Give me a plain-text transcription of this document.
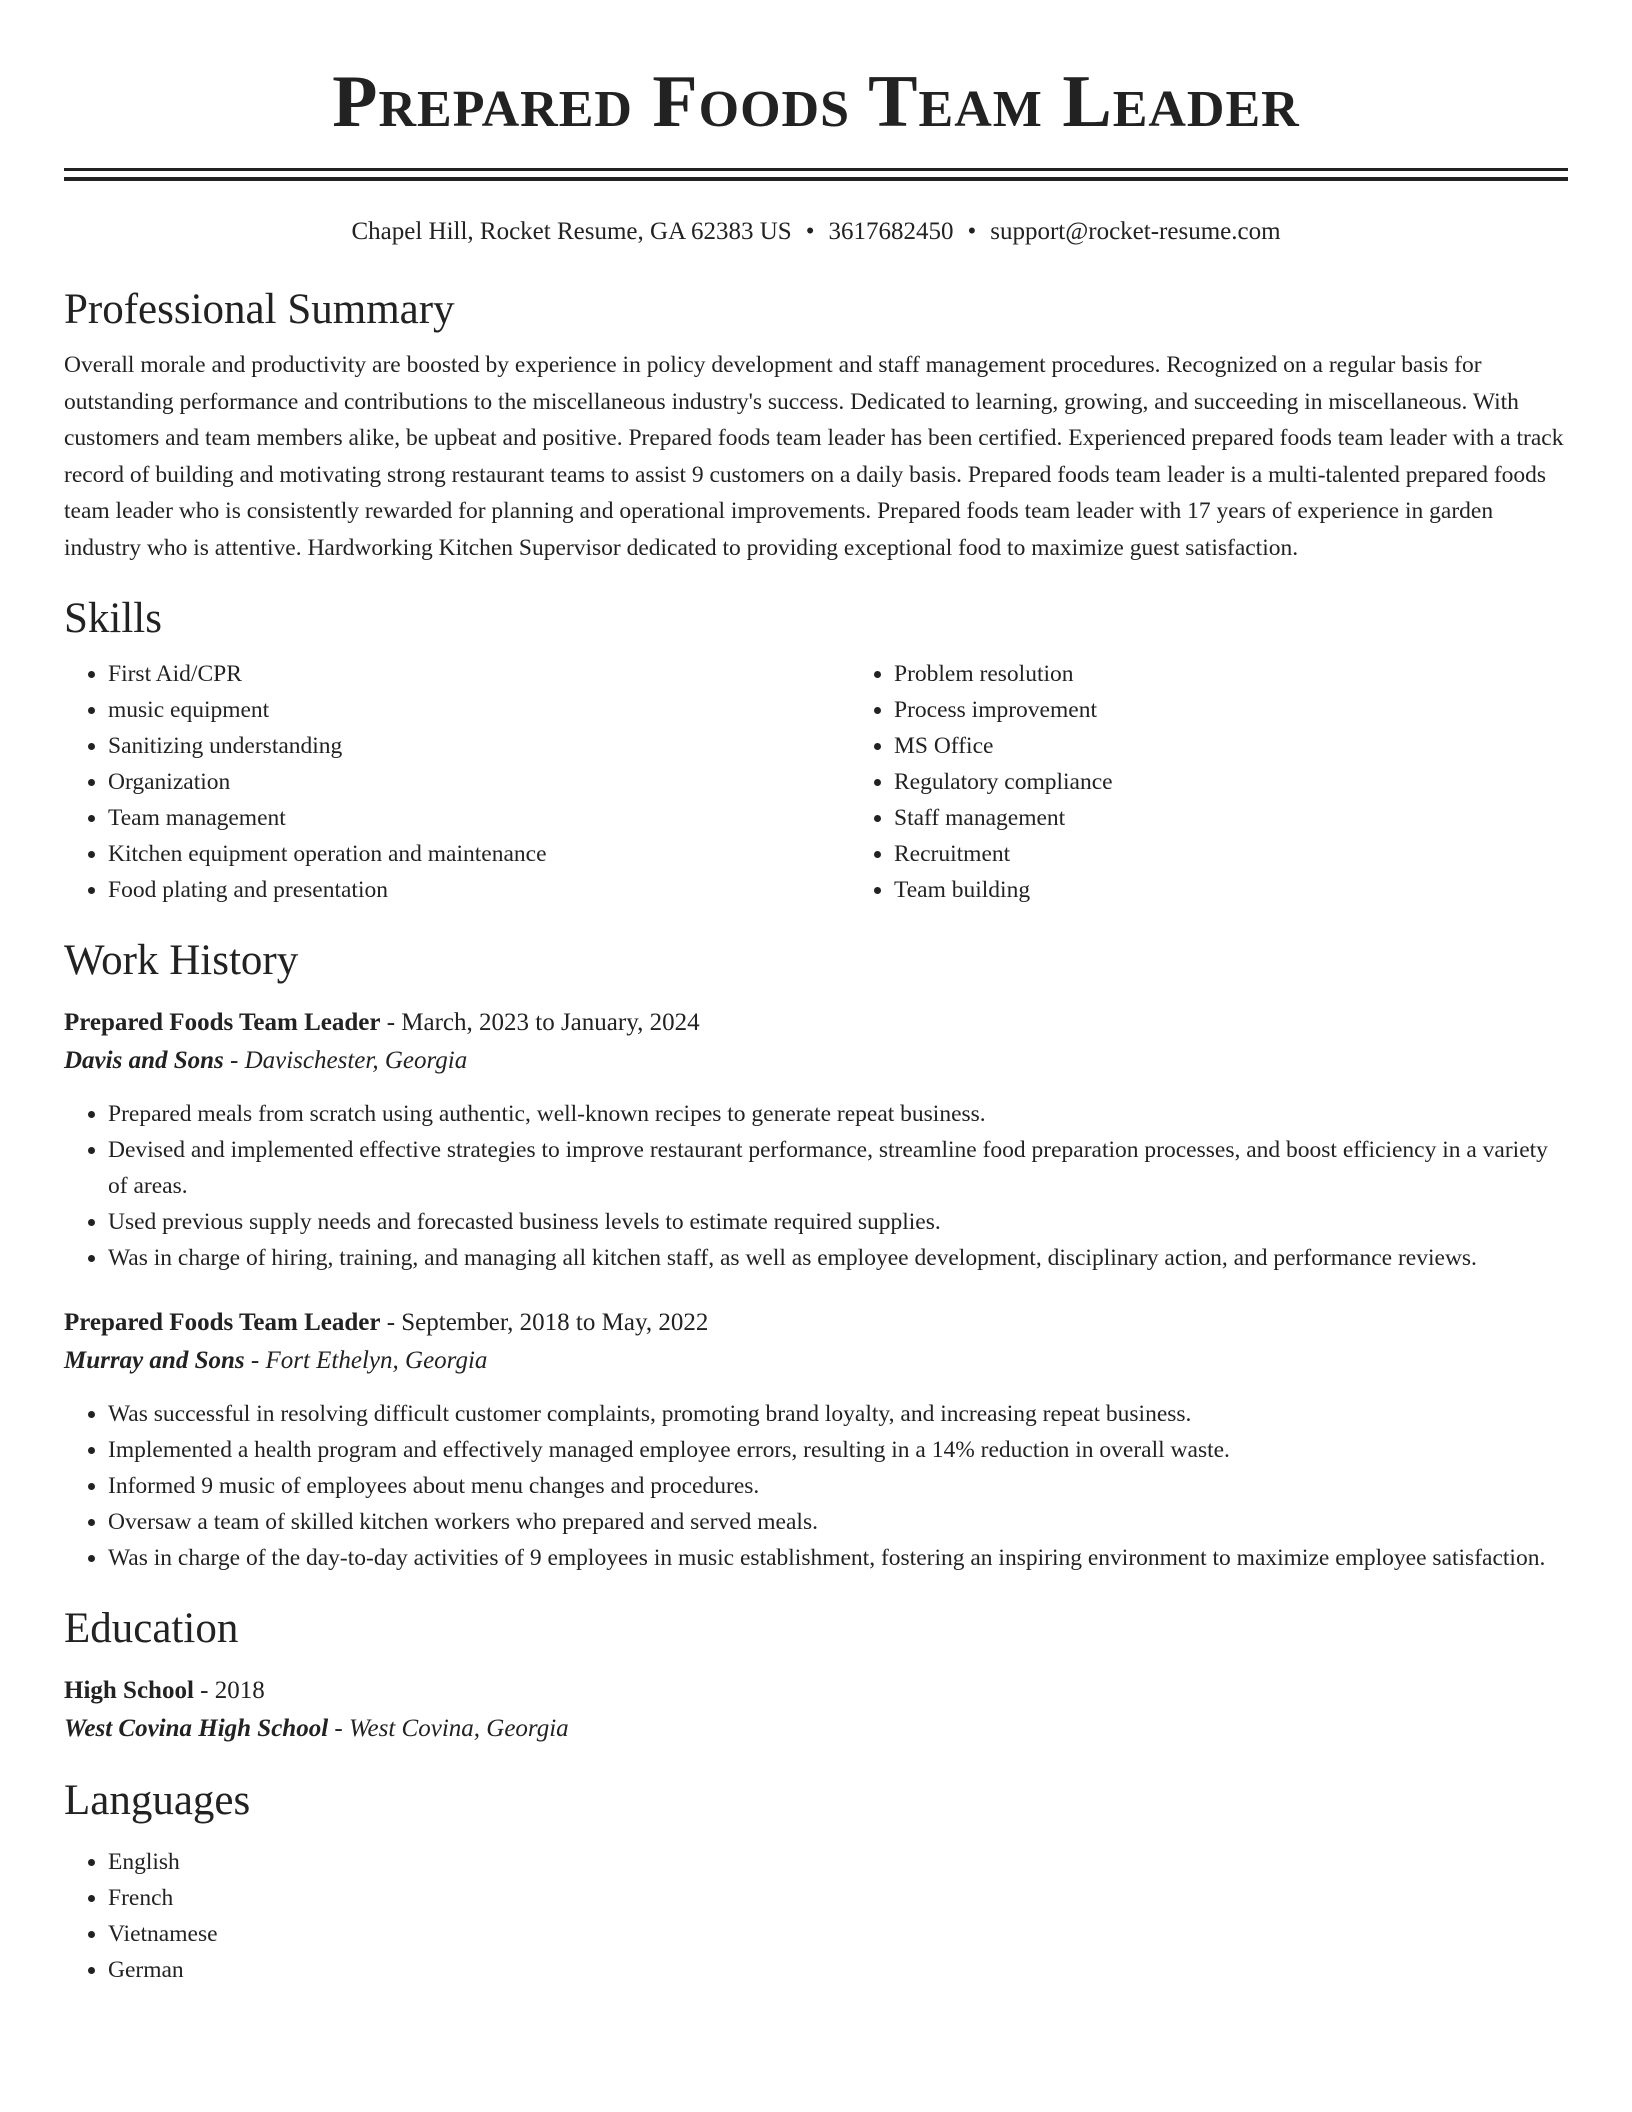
Prepared Foods Team Leader
Chapel Hill, Rocket Resume, GA 62383 US • 3617682450 • support@rocket-resume.com
Professional Summary

Overall morale and productivity are boosted by experience in policy development and staff management procedures. Recognized on a regular basis for outstanding performance and contributions to the miscellaneous industry's success. Dedicated to learning, growing, and succeeding in miscellaneous. With customers and team members alike, be upbeat and positive. Prepared foods team leader has been certified. Experienced prepared foods team leader with a track record of building and motivating strong restaurant teams to assist 9 customers on a daily basis. Prepared foods team leader is a multi-talented prepared foods team leader who is consistently rewarded for planning and operational improvements. Prepared foods team leader with 17 years of experience in garden industry who is attentive. Hardworking Kitchen Supervisor dedicated to providing exceptional food to maximize guest satisfaction.

Skills
• First Aid/CPR
• music equipment
• Sanitizing understanding
• Organization
• Team management
• Kitchen equipment operation and maintenance
• Food plating and presentation
• Problem resolution
• Process improvement
• MS Office
• Regulatory compliance
• Staff management
• Recruitment
• Team building
Work History
Prepared Foods Team Leader - March, 2023 to January, 2024
Davis and Sons - Davischester, Georgia
• Prepared meals from scratch using authentic, well-known recipes to generate repeat business.
• Devised and implemented effective strategies to improve restaurant performance, streamline food preparation processes, and boost efficiency in a variety of areas.
• Used previous supply needs and forecasted business levels to estimate required supplies.
• Was in charge of hiring, training, and managing all kitchen staff, as well as employee development, disciplinary action, and performance reviews.
Prepared Foods Team Leader - September, 2018 to May, 2022
Murray and Sons - Fort Ethelyn, Georgia
• Was successful in resolving difficult customer complaints, promoting brand loyalty, and increasing repeat business.
• Implemented a health program and effectively managed employee errors, resulting in a 14% reduction in overall waste.
• Informed 9 music of employees about menu changes and procedures.
• Oversaw a team of skilled kitchen workers who prepared and served meals.
• Was in charge of the day-to-day activities of 9 employees in music establishment, fostering an inspiring environment to maximize employee satisfaction.
Education
High School - 2018
West Covina High School - West Covina, Georgia
Languages
• English
• French
• Vietnamese
• German
